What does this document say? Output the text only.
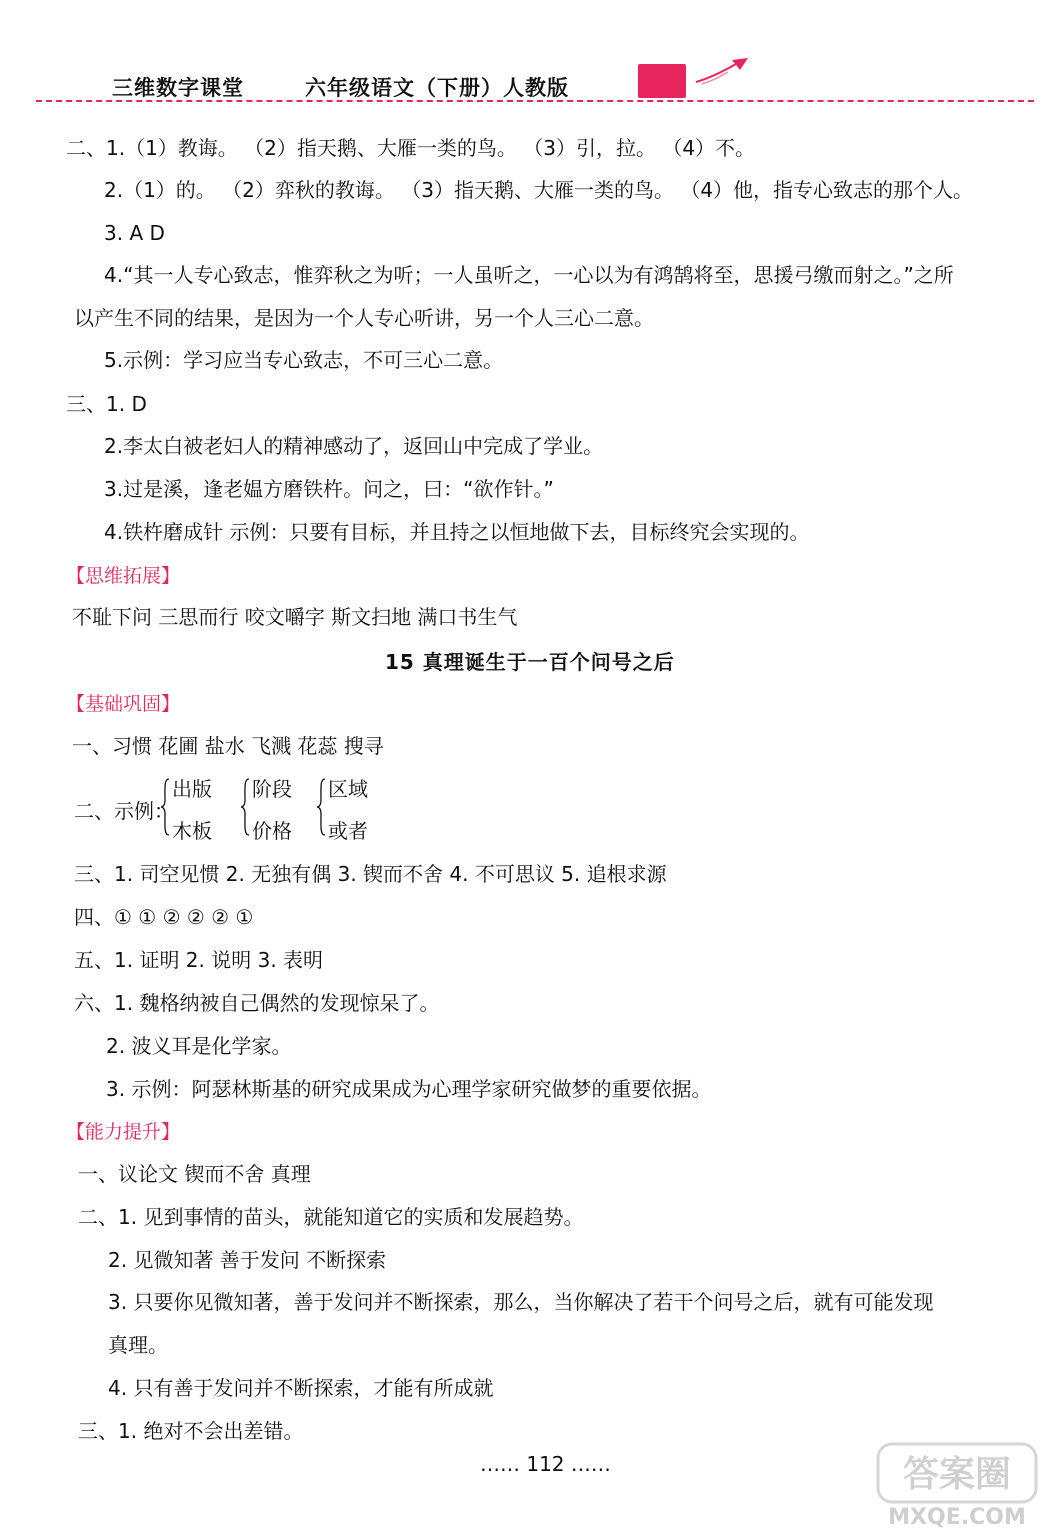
三维数字课堂	六年级语文（下册）人教版
二、1.（1）教诲。 （2）指天鹅、大雁一类的鸟。 （3）引，拉。 （4）不。
2.（1）的。 （2）弈秋的教诲。 （3）指天鹅、大雁一类的鸟。 （4）他，指专心致志的那个人。
3. A D
4.“其一人专心致志，惟弈秋之为听；一人虽听之，一心以为有鸿鹄将至，思援弓缴而射之。”之所
以产生不同的结果，是因为一个人专心听讲，另一个人三心二意。
5.示例：学习应当专心致志，不可三心二意。
三、1. D
2.李太白被老妇人的精神感动了，返回山中完成了学业。
3.过是溪，逢老媪方磨铁杵。问之，曰：“欲作针。”
4.铁杵磨成针 示例：只要有目标，并且持之以恒地做下去，目标终究会实现的。
【思维拓展】
不耻下问 三思而行 咬文嚼字 斯文扫地 满口书生气
15 真理诞生于一百个问号之后
【基础巩固】
一、习惯 花圃 盐水 飞溅 花蕊 搜寻
二、示例：
出版
木板
阶段
价格
区域
或者
三、1. 司空见惯 2. 无独有偶 3. 锲而不舍 4. 不可思议 5. 追根求源
四、① ① ② ② ② ①
五、1. 证明 2. 说明 3. 表明
六、1. 魏格纳被自己偶然的发现惊呆了。
2. 波义耳是化学家。
3. 示例：阿瑟林斯基的研究成果成为心理学家研究做梦的重要依据。
【能力提升】
一、议论文 锲而不舍 真理
二、1. 见到事情的苗头，就能知道它的实质和发展趋势。
2. 见微知著 善于发问 不断探索
3. 只要你见微知著，善于发问并不断探索，那么，当你解决了若干个问号之后，就有可能发现
真理。
4. 只有善于发问并不断探索，才能有所成就
三、1. 绝对不会出差错。
…… 112 ……	答案圈
MXQE.COM
